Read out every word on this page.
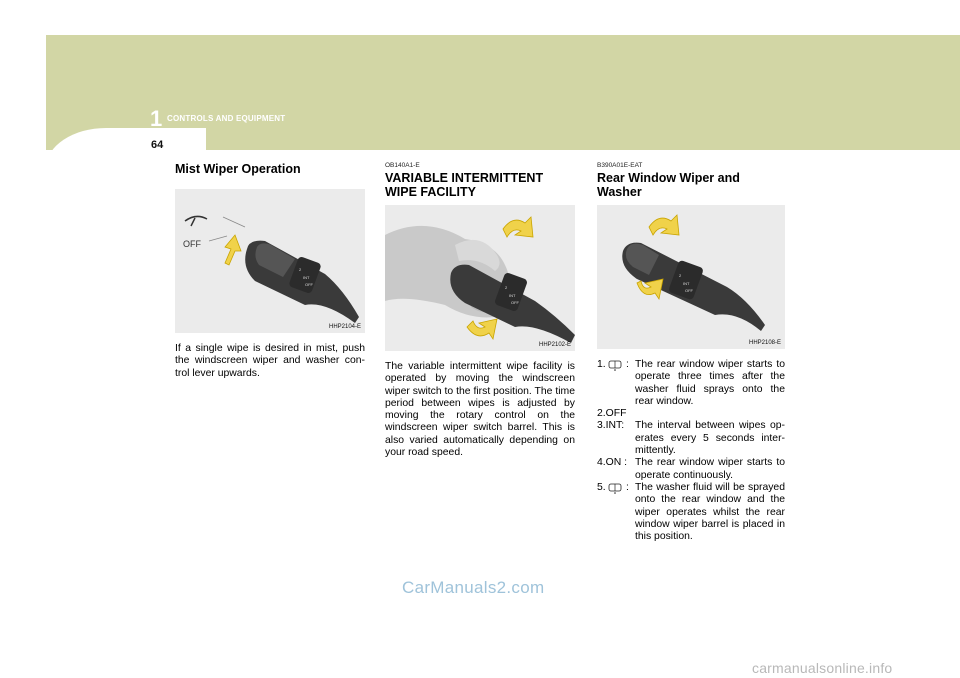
1 CONTROLS AND EQUIPMENT
64
Mist Wiper Operation
OFF
2
INT
OFF
HHP2104-E

If a single wipe is desired in mist, push the windscreen wiper and washer con- trol lever upwards.

OB140A1-E
VARIABLE INTERMITTENT WIPE FACILITY
2
INT
OFF
HHP2102-E

The variable intermittent wipe facility is operated by moving the windscreen wiper switch to the first position. The time period between wipes is adjusted by moving the rotary control on the windscreen wiper switch barrel. This is also varied automatically depending on your road speed.

B390A01E-EAT
Rear Window Wiper and Washer
2
INT
OFF
HHP2108-E
1. : The rear window wiper starts to operate three times after the washer fluid sprays onto the rear window.
2.OFF
3.INT: The interval between wipes op- erates every 5 seconds inter- mittently.
4.ON : The rear window wiper starts to operate continuously.
5. : The washer fluid will be sprayed onto the rear window and the wiper operates whilst the rear window wiper barrel is placed in this position.
CarManuals2.com
carmanualsonline.info
